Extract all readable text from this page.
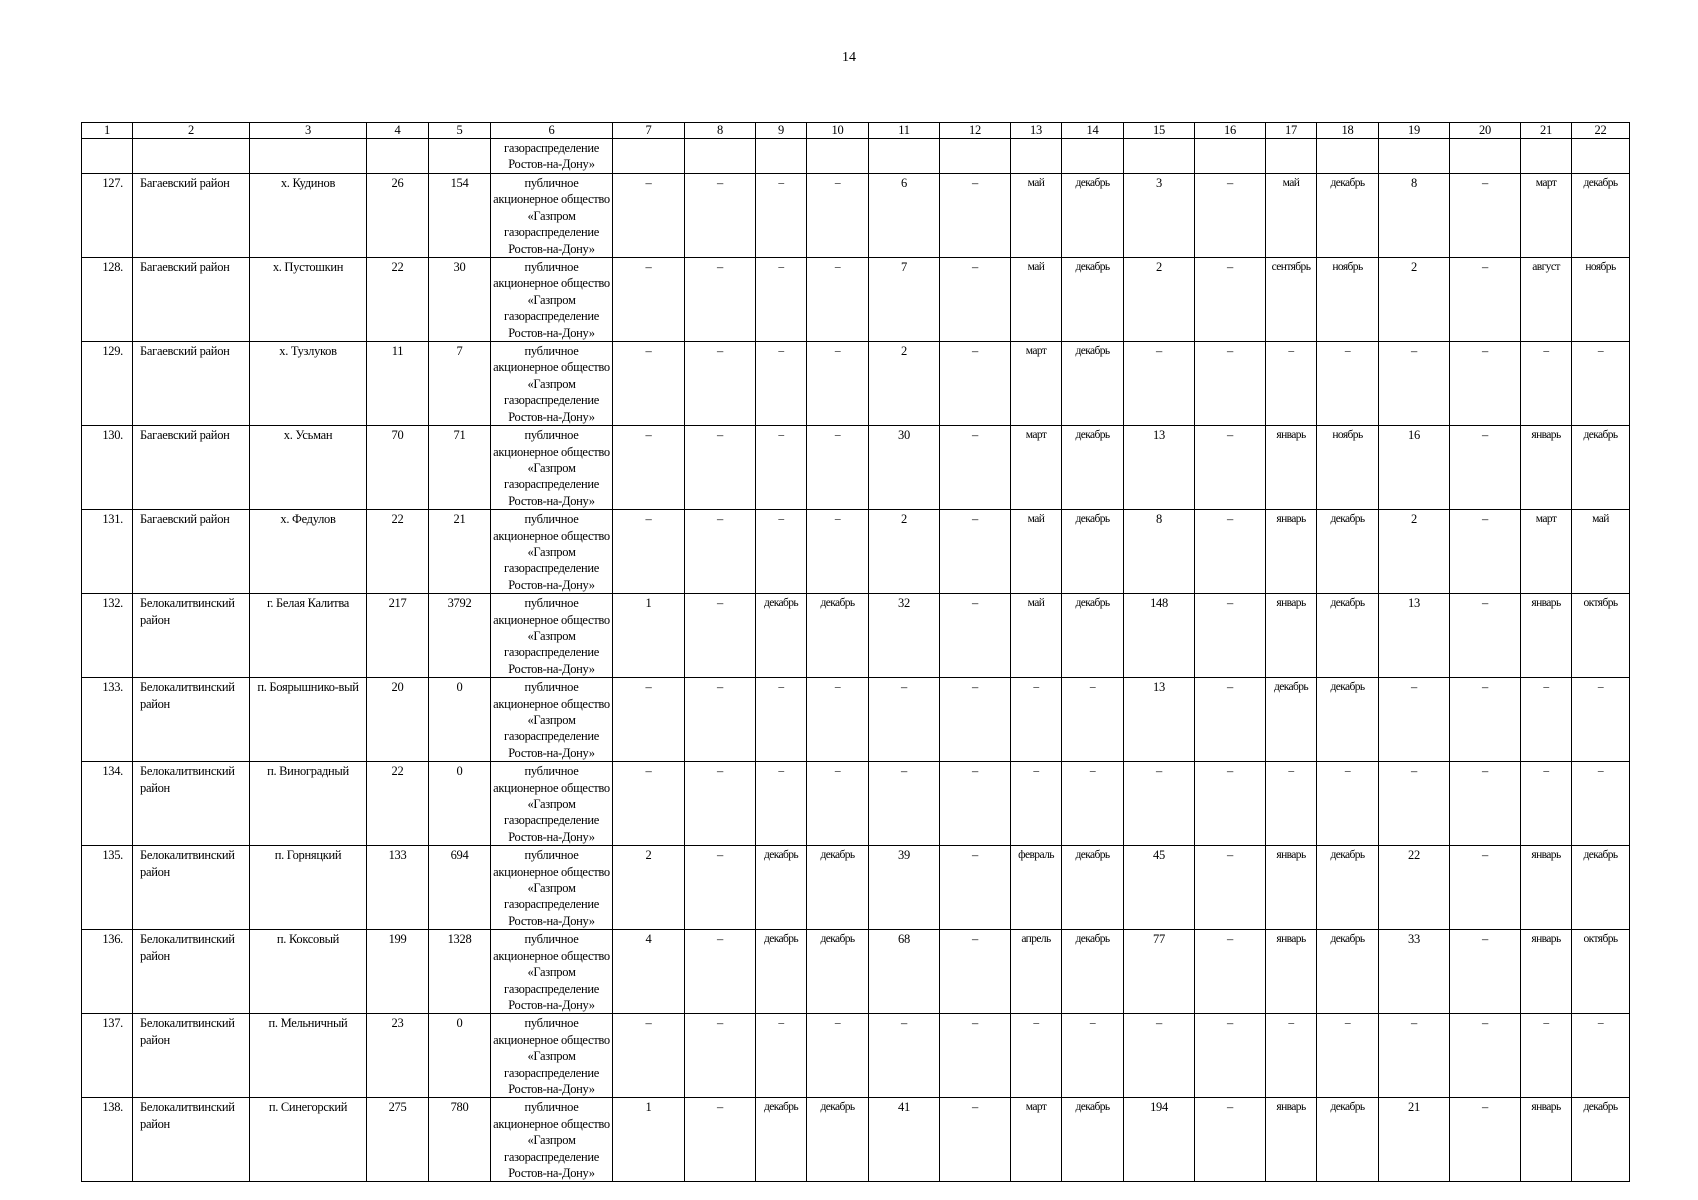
14
1	2	3	4	5	6	7	8	9	10	11	12	13	14	15	16	17	18	19	20	21	22
					газораспределение Ростов-на-Дону»																
127.	Багаевский район	х. Кудинов	26	154	публичное акционерное общество «Газпром газораспределение Ростов-на-Дону»	–	–	–	–	6	–	май	декабрь	3	–	май	декабрь	8	–	март	декабрь
128.	Багаевский район	х. Пустошкин	22	30	публичное акционерное общество «Газпром газораспределение Ростов-на-Дону»	–	–	–	–	7	–	май	декабрь	2	–	сентябрь	ноябрь	2	–	август	ноябрь
129.	Багаевский район	х. Тузлуков	11	7	публичное акционерное общество «Газпром газораспределение Ростов-на-Дону»	–	–	–	–	2	–	март	декабрь	–	–	–	–	–	–	–	–
130.	Багаевский район	х. Усьман	70	71	публичное акционерное общество «Газпром газораспределение Ростов-на-Дону»	–	–	–	–	30	–	март	декабрь	13	–	январь	ноябрь	16	–	январь	декабрь
131.	Багаевский район	х. Федулов	22	21	публичное акционерное общество «Газпром газораспределение Ростов-на-Дону»	–	–	–	–	2	–	май	декабрь	8	–	январь	декабрь	2	–	март	май
132.	Белокалитвинский район	г. Белая Калитва	217	3792	публичное акционерное общество «Газпром газораспределение Ростов-на-Дону»	1	–	декабрь	декабрь	32	–	май	декабрь	148	–	январь	декабрь	13	–	январь	октябрь
133.	Белокалитвинский район	п. Боярышнико-вый	20	0	публичное акционерное общество «Газпром газораспределение Ростов-на-Дону»	–	–	–	–	–	–	–	–	13	–	декабрь	декабрь	–	–	–	–
134.	Белокалитвинский район	п. Виноградный	22	0	публичное акционерное общество «Газпром газораспределение Ростов-на-Дону»	–	–	–	–	–	–	–	–	–	–	–	–	–	–	–	–
135.	Белокалитвинский район	п. Горняцкий	133	694	публичное акционерное общество «Газпром газораспределение Ростов-на-Дону»	2	–	декабрь	декабрь	39	–	февраль	декабрь	45	–	январь	декабрь	22	–	январь	декабрь
136.	Белокалитвинский район	п. Коксовый	199	1328	публичное акционерное общество «Газпром газораспределение Ростов-на-Дону»	4	–	декабрь	декабрь	68	–	апрель	декабрь	77	–	январь	декабрь	33	–	январь	октябрь
137.	Белокалитвинский район	п. Мельничный	23	0	публичное акционерное общество «Газпром газораспределение Ростов-на-Дону»	–	–	–	–	–	–	–	–	–	–	–	–	–	–	–	–
138.	Белокалитвинский район	п. Синегорский	275	780	публичное акционерное общество «Газпром газораспределение Ростов-на-Дону»	1	–	декабрь	декабрь	41	–	март	декабрь	194	–	январь	декабрь	21	–	январь	декабрь
